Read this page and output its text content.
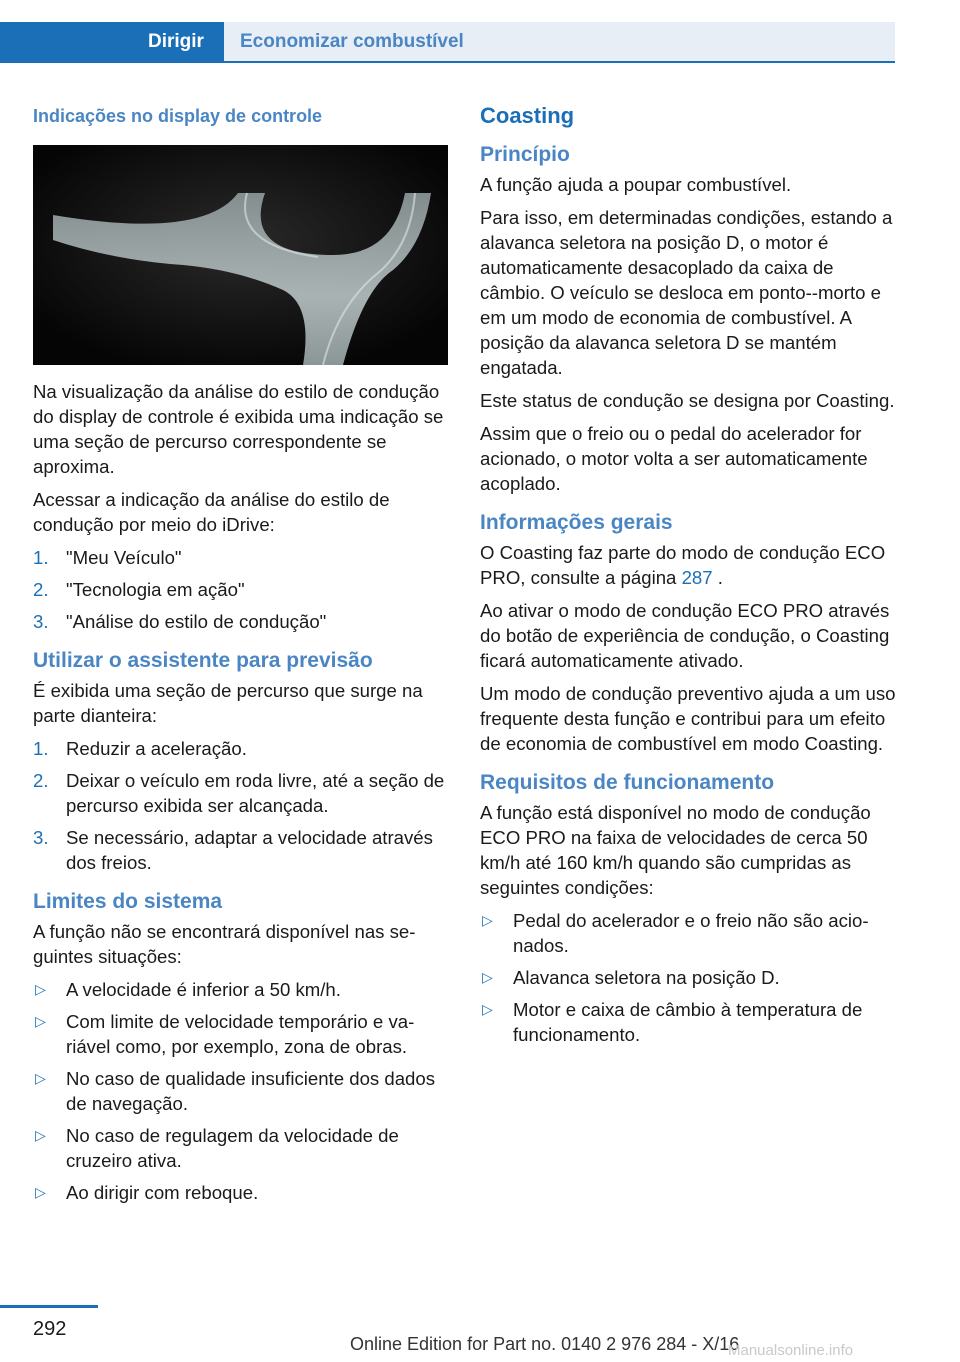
Dirigir	Economizar combustível
Indicações no display de controle

Na visualização da análise do estilo de condução do display de controle é exibida uma indicação se uma seção de percurso correspondente se aproxima.

Acessar a indicação da análise do estilo de condução por meio do iDrive:

1. "Meu Veículo"
2. "Tecnologia em ação"
3. "Análise do estilo de condução"
Utilizar o assistente para previsão

É exibida uma seção de percurso que surge na parte dianteira:

1. Reduzir a aceleração.
2. Deixar o veículo em roda livre, até a seção de percurso exibida ser alcançada.
3. Se necessário, adaptar a velocidade através dos freios.
Limites do sistema

A função não se encontrará disponível nas seguintes situações:

▷ A velocidade é inferior a 50 km/h.
▷ Com limite de velocidade temporário e variável como, por exemplo, zona de obras.
▷ No caso de qualidade insuficiente dos dados de navegação.
▷ No caso de regulagem da velocidade de cruzeiro ativa.
▷ Ao dirigir com reboque.
Coasting
Princípio

A função ajuda a poupar combustível.

Para isso, em determinadas condições, estando a alavanca seletora na posição D, o motor é automaticamente desacoplado da caixa de câmbio. O veículo se desloca em ponto--morto e em um modo de economia de combustível. A posição da alavanca seletora D se mantém engatada.

Este status de condução se designa por Coasting.

Assim que o freio ou o pedal do acelerador for acionado, o motor volta a ser automaticamente acoplado.

Informações gerais

O Coasting faz parte do modo de condução ECO PRO, consulte a página 287 .

Ao ativar o modo de condução ECO PRO através do botão de experiência de condução, o Coasting ficará automaticamente ativado.

Um modo de condução preventivo ajuda a um uso frequente desta função e contribui para um efeito de economia de combustível em modo Coasting.

Requisitos de funcionamento

A função está disponível no modo de condução ECO PRO na faixa de velocidades de cerca 50 km/h até 160 km/h quando são cumpridas as seguintes condições:

▷ Pedal do acelerador e o freio não são acionados.
▷ Alavanca seletora na posição D.
▷ Motor e caixa de câmbio à temperatura de funcionamento.
292
Online Edition for Part no. 0140 2 976 284 - X/16
Manualsonline.info
